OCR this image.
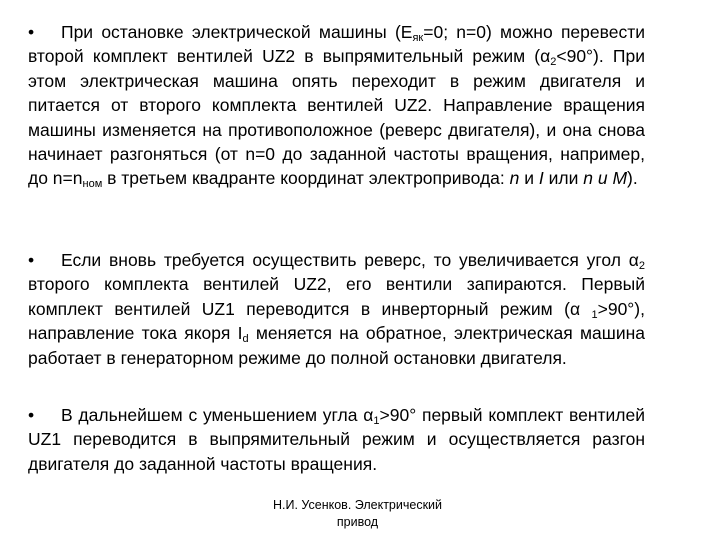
• При остановке электрической машины ($E_{як}=0$; n=0) можно перевести второй комплект вентилей UZ2 в выпрямительный режим $(\alpha_2<90^\circ)$. При этом электрическая машина опять переходит в режим двигателя и питается от второго комплекта вентилей UZ2. Направление вращения машины изменяется на противоположное (реверс двигателя), и она снова начинает разгоняться (от n=0 до заданной частоты вращения, например, до $n=n_{ном}$ в третьем квадранте координат электропривода: n и I или n и M).

• Если вновь требуется осуществить реверс, то увеличивается угол $\alpha_2$ второго комплекта вентилей UZ2, его вентили запираются. Первый комплект вентилей UZ1 переводится в инверторный режим (α $_1$>90°), направление тока якоря $I_d$ меняется на обратное, электрическая машина работает в генераторном режиме до полной остановки двигателя.

• В дальнейшем с уменьшением угла $\alpha_1>90^\circ$ первый комплект вентилей UZ1 переводится в выпрямительный режим и осуществляется разгон двигателя до заданной частоты вращения.

Н.И. Усенков. Электрический
привод
